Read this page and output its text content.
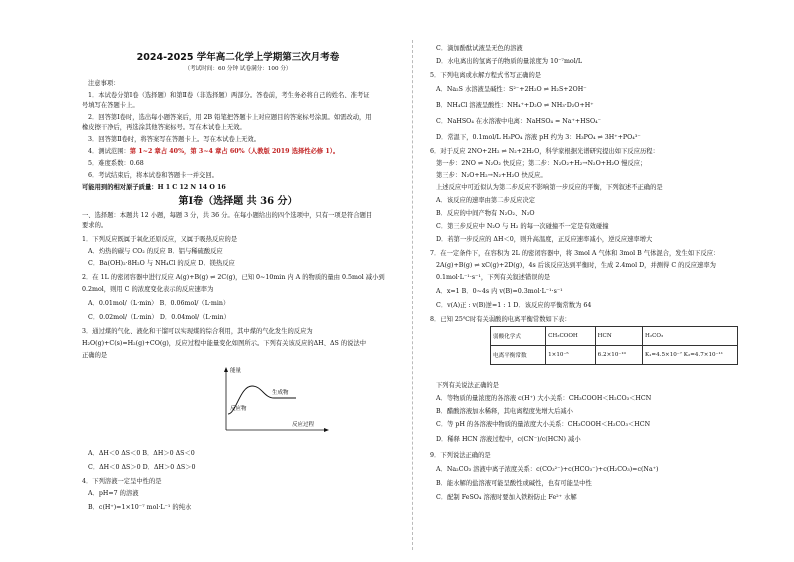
2024-2025 学年高二化学上学期第三次月考卷
（考试时间：60 分钟 试卷满分：100 分）
注意事项：
1．本试卷分第Ⅰ卷（选择题）和第Ⅱ卷（非选择题）两部分。答卷前，考生务必将自己的姓名、准考证
号填写在答题卡上。
2．回答第Ⅰ卷时，选出每小题答案后，用 2B 铅笔把答题卡上对应题目的答案标号涂黑。如需改动，用
橡皮擦干净后，再选涂其他答案标号。写在本试卷上无效。
3．回答第Ⅱ卷时，将答案写在答题卡上。写在本试卷上无效。
4．测试范围：第 1~2 章占 40%，第 3~4 章占 60%（人教版 2019 选择性必修 1）。
5．难度系数：0.68
6．考试结束后，将本试卷和答题卡一并交回。
可能用到的相对原子质量：H 1 C 12 N 14 O 16
第Ⅰ卷（选择题 共 36 分）
一、选择题：本题共 12 小题，每题 3 分，共 36 分。在每小题给出的四个选项中，只有一项是符合题目
要求的。
1．下列反应既属于氧化还原反应，又属于吸热反应的是
A．灼热的碳与 CO₂ 的反应 B．铝与稀硫酸反应
C．Ba(OH)₂·8H₂O 与 NH₄Cl 的反应 D．镁热反应
2．在 1L 的密闭容器中进行反应 A(g)+B(g) ⇌ 2C(g)，已知 0~10min 内 A 的物质的量由 0.5mol 减小到
0.2mol，则用 C 的浓度变化表示的反应速率为
A．0.01mol/（L·min） B．0.06mol/（L·min）
C．0.02mol/（L·min） D．0.04mol/（L·min）
3．通过煤的气化、液化和干馏可以实现煤的综合利用，其中煤的气化发生的反应为
H₂O(g)+C(s)=H₂(g)+CO(g)，反应过程中能量变化如图所示。下列有关该反应的ΔH、ΔS 的说法中
正确的是
能量
反应物
生成物
反应过程
A．ΔH＜0 ΔS＜0 B．ΔH＞0 ΔS＜0
C．ΔH＜0 ΔS＞0 D．ΔH＞0 ΔS＞0
4．下列溶液一定呈中性的是
A．pH=7 的溶液
B．c(H⁺)=1×10⁻⁷ mol·L⁻¹ 的纯水
C．滴加酚酞试液呈无色的溶液
D．水电离出的氢离子的物质的量浓度为 10⁻⁷mol/L
5．下列电离或水解方程式书写正确的是
A．Na₂S 水溶液呈碱性：S²⁻+2H₂O ⇌ H₂S+2OH⁻
B．NH₄Cl 溶液呈酸性：NH₄⁺+D₂O ⇌ NH₃·D₂O+H⁺
C．NaHSO₄ 在水溶液中电离：NaHSO₄ = Na⁺+HSO₄⁻
D．常温下，0.1mol/L H₃PO₄ 溶液 pH 约为 3：H₃PO₄ ⇌ 3H⁺+PO₄³⁻
6．对于反应 2NO+2H₂ ⇌ N₂+2H₂O，科学家根据光谱研究提出如下反应历程：
第一步：2NO ⇌ N₂O₂ 快反应；第二步：N₂O₂+H₂→N₂O+H₂O 慢反应；
第三步：N₂O+H₂→N₂+H₂O 快反应。
上述反应中可近似认为第二步反应不影响第一步反应的平衡，下列叙述不正确的是
A．该反应的速率由第二步反应决定
B．反应的中间产物有 N₂O₂、N₂O
C．第三步反应中 N₂O 与 H₂ 的每一次碰撞不一定是有效碰撞
D．若第一步反应的 ΔH＜0，则升高温度，正反应速率减小，逆反应速率增大
7．在一定条件下，在容积为 2L 的密闭容器中，将 3mol A 气体和 3mol B 气体混合，发生如下反应：
2A(g)+B(g) ⇌ xC(g)+2D(g)，4s 后该反应达到平衡时，生成 2.4mol D，并测得 C 的反应速率为
0.1mol·L⁻¹·s⁻¹，下列有关叙述错误的是
A．x=1 B．0~4s 内 v(B)=0.3mol·L⁻¹·s⁻¹
C．v(A)正 : v(B)逆=1 : 1 D．该反应的平衡常数为 64
8．已知 25℃时有关弱酸的电离平衡常数如下表：
弱酸化学式	CH₃COOH	HCN	H₂CO₃
电离平衡常数	1×10⁻⁵	6.2×10⁻¹⁰	K₁=4.5×10⁻⁷ K₂=4.7×10⁻¹¹
下列有关说法正确的是
A．等物质的量浓度的各溶液 c(H⁺) 大小关系：CH₃COOH＜H₂CO₃＜HCN
B．醋酸溶液加水稀释，其电离程度先增大后减小
C．等 pH 的各溶液中物质的量浓度大小关系：CH₃COOH＜H₂CO₃＜HCN
D．稀释 HCN 溶液过程中，c(CN⁻)/c(HCN) 减小
9．下列说法正确的是
A．Na₂CO₃ 溶液中离子浓度关系：c(CO₃²⁻)+c(HCO₃⁻)+c(H₂CO₃)=c(Na⁺)
B．能水解的盐溶液可能呈酸性或碱性，也有可能呈中性
C．配制 FeSO₄ 溶液时要加入铁粉防止 Fe²⁺ 水解
